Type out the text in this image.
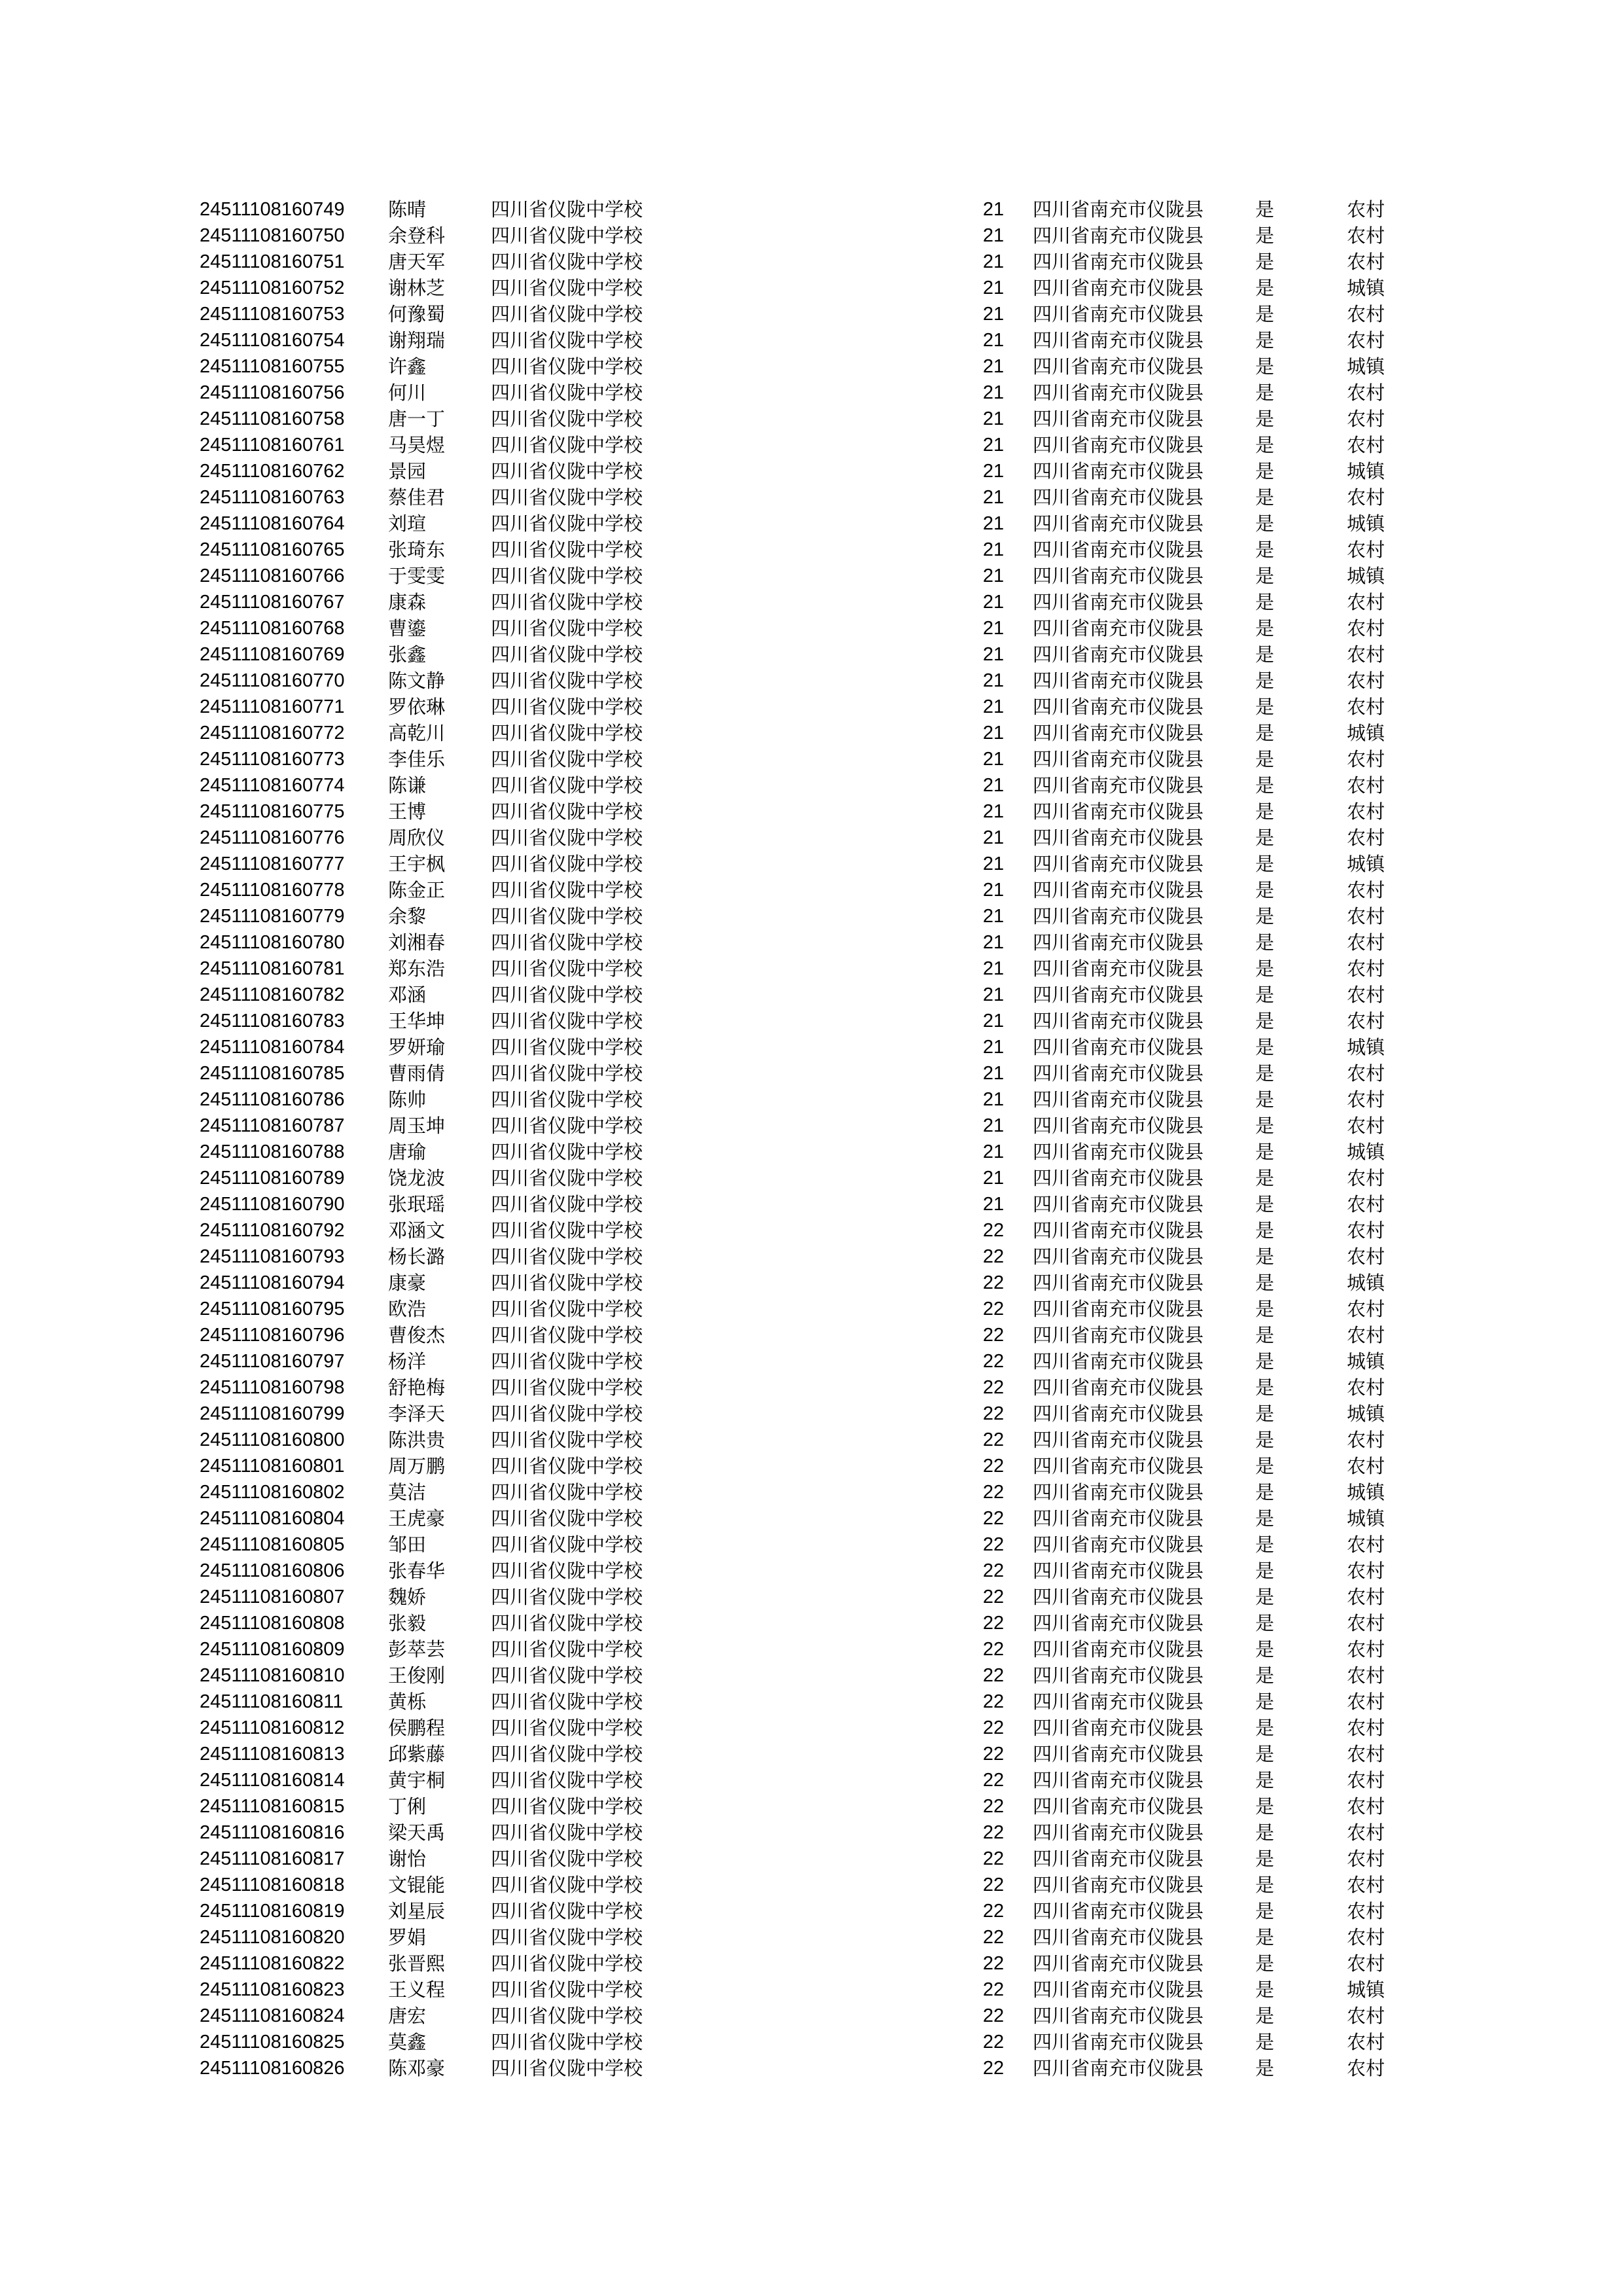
24511108160749 陈晴	四川省仪陇中学校	21	四川省南充市仪陇县	是	农村
24511108160750 余登科 四川省仪陇中学校	21	四川省南充市仪陇县	是	农村
24511108160751 唐天军 四川省仪陇中学校	21	四川省南充市仪陇县	是	农村
24511108160752 谢林芝 四川省仪陇中学校	21	四川省南充市仪陇县	是	城镇
24511108160753 何豫蜀 四川省仪陇中学校	21	四川省南充市仪陇县	是	农村
24511108160754 谢翔瑞 四川省仪陇中学校	21	四川省南充市仪陇县	是	农村
24511108160755 许鑫	四川省仪陇中学校	21	四川省南充市仪陇县	是	城镇
24511108160756 何川	四川省仪陇中学校	21	四川省南充市仪陇县	是	农村
24511108160758 唐一丁 四川省仪陇中学校	21	四川省南充市仪陇县	是	农村
24511108160761 马昊煜 四川省仪陇中学校	21	四川省南充市仪陇县	是	农村
24511108160762 景园	四川省仪陇中学校	21	四川省南充市仪陇县	是	城镇
24511108160763 蔡佳君 四川省仪陇中学校	21	四川省南充市仪陇县	是	农村
24511108160764 刘瑄	四川省仪陇中学校	21	四川省南充市仪陇县	是	城镇
24511108160765 张琦东 四川省仪陇中学校	21	四川省南充市仪陇县	是	农村
24511108160766 于雯雯 四川省仪陇中学校	21	四川省南充市仪陇县	是	城镇
24511108160767 康森	四川省仪陇中学校	21	四川省南充市仪陇县	是	农村
24511108160768 曹鎏	四川省仪陇中学校	21	四川省南充市仪陇县	是	农村
24511108160769 张鑫	四川省仪陇中学校	21	四川省南充市仪陇县	是	农村
24511108160770 陈文静 四川省仪陇中学校	21	四川省南充市仪陇县	是	农村
24511108160771 罗依琳 四川省仪陇中学校	21	四川省南充市仪陇县	是	农村
24511108160772 高乾川 四川省仪陇中学校	21	四川省南充市仪陇县	是	城镇
24511108160773 李佳乐 四川省仪陇中学校	21	四川省南充市仪陇县	是	农村
24511108160774 陈谦	四川省仪陇中学校	21	四川省南充市仪陇县	是	农村
24511108160775 王博	四川省仪陇中学校	21	四川省南充市仪陇县	是	农村
24511108160776 周欣仪 四川省仪陇中学校	21	四川省南充市仪陇县	是	农村
24511108160777 王宇枫 四川省仪陇中学校	21	四川省南充市仪陇县	是	城镇
24511108160778 陈金正 四川省仪陇中学校	21	四川省南充市仪陇县	是	农村
24511108160779 余黎	四川省仪陇中学校	21	四川省南充市仪陇县	是	农村
24511108160780 刘湘春 四川省仪陇中学校	21	四川省南充市仪陇县	是	农村
24511108160781 郑东浩 四川省仪陇中学校	21	四川省南充市仪陇县	是	农村
24511108160782 邓涵	四川省仪陇中学校	21	四川省南充市仪陇县	是	农村
24511108160783 王华坤 四川省仪陇中学校	21	四川省南充市仪陇县	是	农村
24511108160784 罗妍瑜 四川省仪陇中学校	21	四川省南充市仪陇县	是	城镇
24511108160785 曹雨倩 四川省仪陇中学校	21	四川省南充市仪陇县	是	农村
24511108160786 陈帅	四川省仪陇中学校	21	四川省南充市仪陇县	是	农村
24511108160787 周玉坤 四川省仪陇中学校	21	四川省南充市仪陇县	是	农村
24511108160788 唐瑜	四川省仪陇中学校	21	四川省南充市仪陇县	是	城镇
24511108160789 饶龙波 四川省仪陇中学校	21	四川省南充市仪陇县	是	农村
24511108160790 张珉瑶 四川省仪陇中学校	21	四川省南充市仪陇县	是	农村
24511108160792 邓涵文 四川省仪陇中学校	22	四川省南充市仪陇县	是	农村
24511108160793 杨长潞 四川省仪陇中学校	22	四川省南充市仪陇县	是	农村
24511108160794 康豪	四川省仪陇中学校	22	四川省南充市仪陇县	是	城镇
24511108160795 欧浩	四川省仪陇中学校	22	四川省南充市仪陇县	是	农村
24511108160796 曹俊杰 四川省仪陇中学校	22	四川省南充市仪陇县	是	农村
24511108160797 杨洋	四川省仪陇中学校	22	四川省南充市仪陇县	是	城镇
24511108160798 舒艳梅 四川省仪陇中学校	22	四川省南充市仪陇县	是	农村
24511108160799 李泽天 四川省仪陇中学校	22	四川省南充市仪陇县	是	城镇
24511108160800 陈洪贵 四川省仪陇中学校	22	四川省南充市仪陇县	是	农村
24511108160801 周万鹏 四川省仪陇中学校	22	四川省南充市仪陇县	是	农村
24511108160802 莫洁	四川省仪陇中学校	22	四川省南充市仪陇县	是	城镇
24511108160804 王虎豪 四川省仪陇中学校	22	四川省南充市仪陇县	是	城镇
24511108160805 邹田	四川省仪陇中学校	22	四川省南充市仪陇县	是	农村
24511108160806 张春华 四川省仪陇中学校	22	四川省南充市仪陇县	是	农村
24511108160807 魏娇	四川省仪陇中学校	22	四川省南充市仪陇县	是	农村
24511108160808 张毅	四川省仪陇中学校	22	四川省南充市仪陇县	是	农村
24511108160809 彭萃芸 四川省仪陇中学校	22	四川省南充市仪陇县	是	农村
24511108160810 王俊刚 四川省仪陇中学校	22	四川省南充市仪陇县	是	农村
24511108160811 黄栎	四川省仪陇中学校	22	四川省南充市仪陇县	是	农村
24511108160812 侯鹏程 四川省仪陇中学校	22	四川省南充市仪陇县	是	农村
24511108160813 邱紫藤 四川省仪陇中学校	22	四川省南充市仪陇县	是	农村
24511108160814 黄宇桐 四川省仪陇中学校	22	四川省南充市仪陇县	是	农村
24511108160815 丁俐	四川省仪陇中学校	22	四川省南充市仪陇县	是	农村
24511108160816 梁天禹 四川省仪陇中学校	22	四川省南充市仪陇县	是	农村
24511108160817 谢怡	四川省仪陇中学校	22	四川省南充市仪陇县	是	农村
24511108160818 文锟能 四川省仪陇中学校	22	四川省南充市仪陇县	是	农村
24511108160819 刘星辰 四川省仪陇中学校	22	四川省南充市仪陇县	是	农村
24511108160820 罗娟	四川省仪陇中学校	22	四川省南充市仪陇县	是	农村
24511108160822 张晋熙 四川省仪陇中学校	22	四川省南充市仪陇县	是	农村
24511108160823 王义程 四川省仪陇中学校	22	四川省南充市仪陇县	是	城镇
24511108160824 唐宏	四川省仪陇中学校	22	四川省南充市仪陇县	是	农村
24511108160825 莫鑫	四川省仪陇中学校	22	四川省南充市仪陇县	是	农村
24511108160826 陈邓豪 四川省仪陇中学校	22	四川省南充市仪陇县	是	农村
